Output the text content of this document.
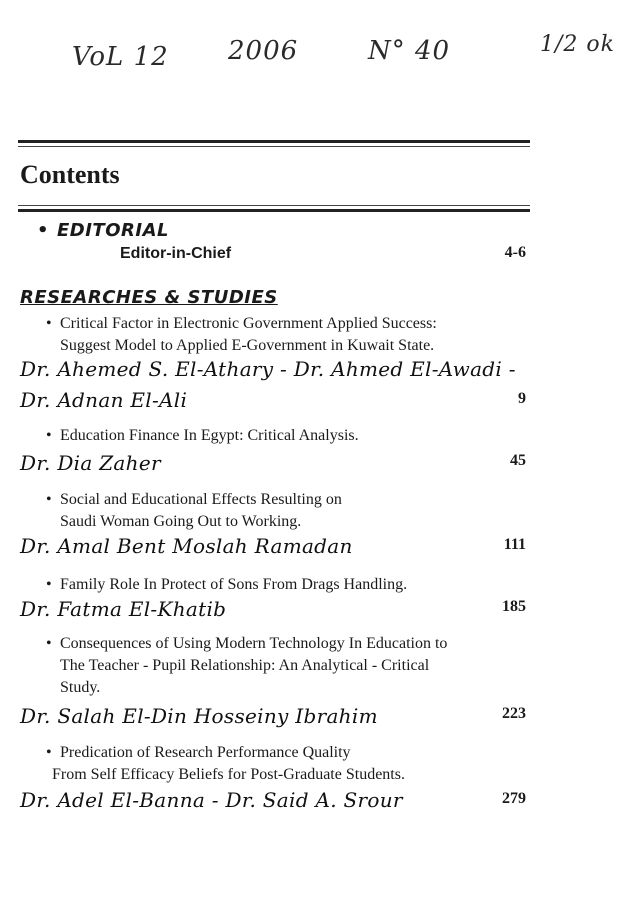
VoL 12 2006	N° 40	1/2 ok
Contents
• EDITORIAL
Editor-in-Chief	4-6
RESEARCHES & STUDIES
• Critical Factor in Electronic Government Applied Success:
Suggest Model to Applied E-Government in Kuwait State.
Dr. Ahemed S. El-Athary - Dr. Ahmed El-Awadi -
Dr. Adnan El-Ali	9
• Education Finance In Egypt: Critical Analysis.
Dr. Dia Zaher	45
• Social and Educational Effects Resulting on
Saudi Woman Going Out to Working.
Dr. Amal Bent Moslah Ramadan	111
• Family Role In Protect of Sons From Drags Handling.
Dr. Fatma El-Khatib	185
• Consequences of Using Modern Technology In Education to
The Teacher - Pupil Relationship: An Analytical - Critical
Study.
Dr. Salah El-Din Hosseiny Ibrahim	223
• Predication of Research Performance Quality
From Self Efficacy Beliefs for Post-Graduate Students.
Dr. Adel El-Banna - Dr. Said A. Srour	279
